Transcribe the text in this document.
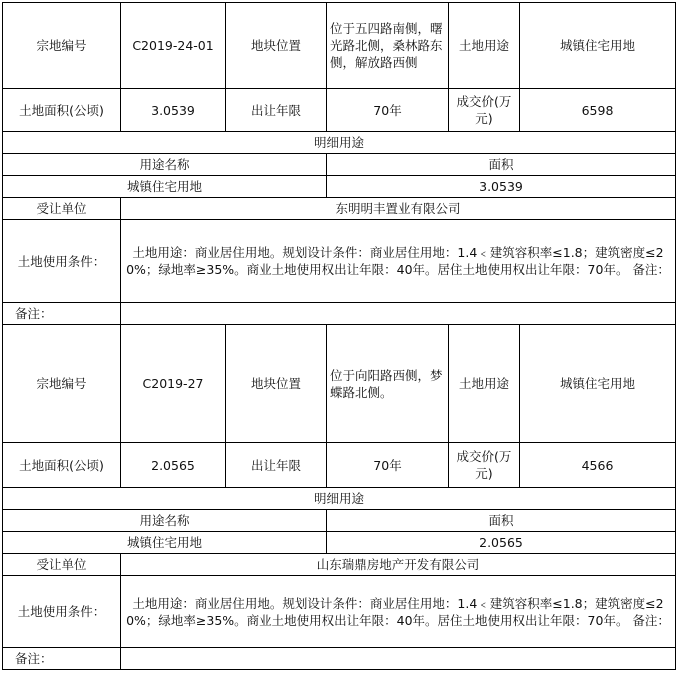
宗地编号	C2019-24-01	地块位置	位于五四路南侧，曙光路北侧，桑林路东侧，解放路西侧	土地用途	城镇住宅用地
土地面积(公顷)	3.0539	出让年限	70年	成交价(万元)	6598
明细用途					
用途名称			面积		
城镇住宅用地			3.0539		
受让单位	东明明丰置业有限公司				
土地使用条件：	土地用途：商业居住用地。规划设计条件：商业居住用地：1.4﹤建筑容积率≤1.8；建筑密度≤20%；绿地率≥35%。商业土地使用权出让年限：40年。居住土地使用权出让年限：70年。 备注：				
备注：					
宗地编号	C2019-27	地块位置	位于向阳路西侧，梦蝶路北侧。	土地用途	城镇住宅用地
土地面积(公顷)	2.0565	出让年限	70年	成交价(万元)	4566
明细用途					
用途名称			面积		
城镇住宅用地			2.0565		
受让单位	山东瑞鼎房地产开发有限公司				
土地使用条件：	土地用途：商业居住用地。规划设计条件：商业居住用地：1.4﹤建筑容积率≤1.8；建筑密度≤20%；绿地率≥35%。商业土地使用权出让年限：40年。居住土地使用权出让年限：70年。 备注：				
备注：					
